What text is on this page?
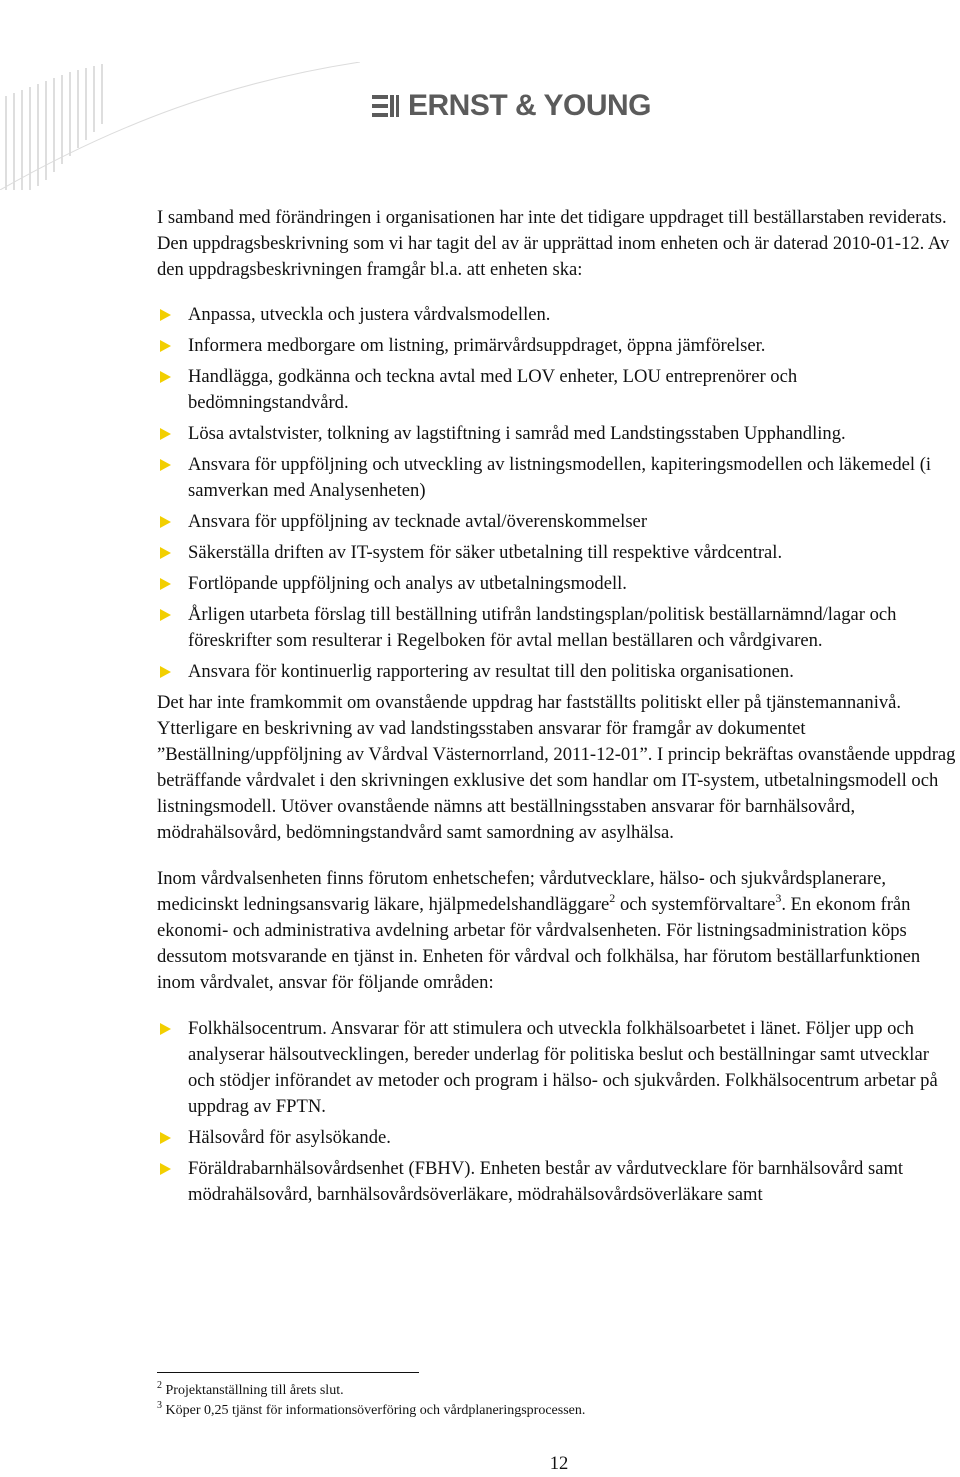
ERNST & YOUNG

I samband med förändringen i organisationen har inte det tidigare uppdraget till beställarstaben reviderats. Den uppdragsbeskrivning som vi har tagit del av är upprättad inom enheten och är daterad 2010-01-12. Av den uppdragsbeskrivningen framgår bl.a. att enheten ska:

Anpassa, utveckla och justera vårdvalsmodellen.
Informera medborgare om listning, primärvårdsuppdraget, öppna jämförelser.
Handlägga, godkänna och teckna avtal med LOV enheter, LOU entreprenörer och bedömningstandvård.
Lösa avtalstvister, tolkning av lagstiftning i samråd med Landstingsstaben Upphandling.
Ansvara för uppföljning och utveckling av listningsmodellen, kapiteringsmodellen och läkemedel (i samverkan med Analysenheten)
Ansvara för uppföljning av tecknade avtal/överenskommelser
Säkerställa driften av IT-system för säker utbetalning till respektive vårdcentral.
Fortlöpande uppföljning och analys av utbetalningsmodell.
Årligen utarbeta förslag till beställning utifrån landstingsplan/politisk beställarnämnd/lagar och föreskrifter som resulterar i Regelboken för avtal mellan beställaren och vårdgivaren.
Ansvara för kontinuerlig rapportering av resultat till den politiska organisationen.

Det har inte framkommit om ovanstående uppdrag har fastställts politiskt eller på tjänstemannanivå. Ytterligare en beskrivning av vad landstingsstaben ansvarar för framgår av dokumentet ”Beställning/uppföljning av Vårdval Västernorrland, 2011-12-01”. I princip bekräftas ovanstående uppdrag beträffande vårdvalet i den skrivningen exklusive det som handlar om IT-system, utbetalningsmodell och listningsmodell. Utöver ovanstående nämns att beställningsstaben ansvarar för barnhälsovård, mödrahälsovård, bedömningstandvård samt samordning av asylhälsa.

Inom vårdvalsenheten finns förutom enhetschefen; vårdutvecklare, hälso- och sjukvårdsplanerare, medicinskt ledningsansvarig läkare, hjälpmedelshandläggare$^2$ och systemförvaltare$^3$. En ekonom från ekonomi- och administrativa avdelning arbetar för vårdvalsenheten. För listningsadministration köps dessutom motsvarande en tjänst in. Enheten för vårdval och folkhälsa, har förutom beställarfunktionen inom vårdvalet, ansvar för följande områden:

Folkhälsocentrum. Ansvarar för att stimulera och utveckla folkhälsoarbetet i länet. Följer upp och analyserar hälsoutvecklingen, bereder underlag för politiska beslut och beställningar samt utvecklar och stödjer införandet av metoder och program i hälso- och sjukvården. Folkhälsocentrum arbetar på uppdrag av FPTN.
Hälsovård för asylsökande.
Föräldrabarnhälsovårdsenhet (FBHV). Enheten består av vårdutvecklare för barnhälsovård samt mödrahälsovård, barnhälsovårdsöverläkare, mödrahälsovårdsöverläkare samt
$^2$ Projektanställning till årets slut.
$^3$ Köper 0,25 tjänst för informationsöverföring och vårdplaneringsprocessen.
12
